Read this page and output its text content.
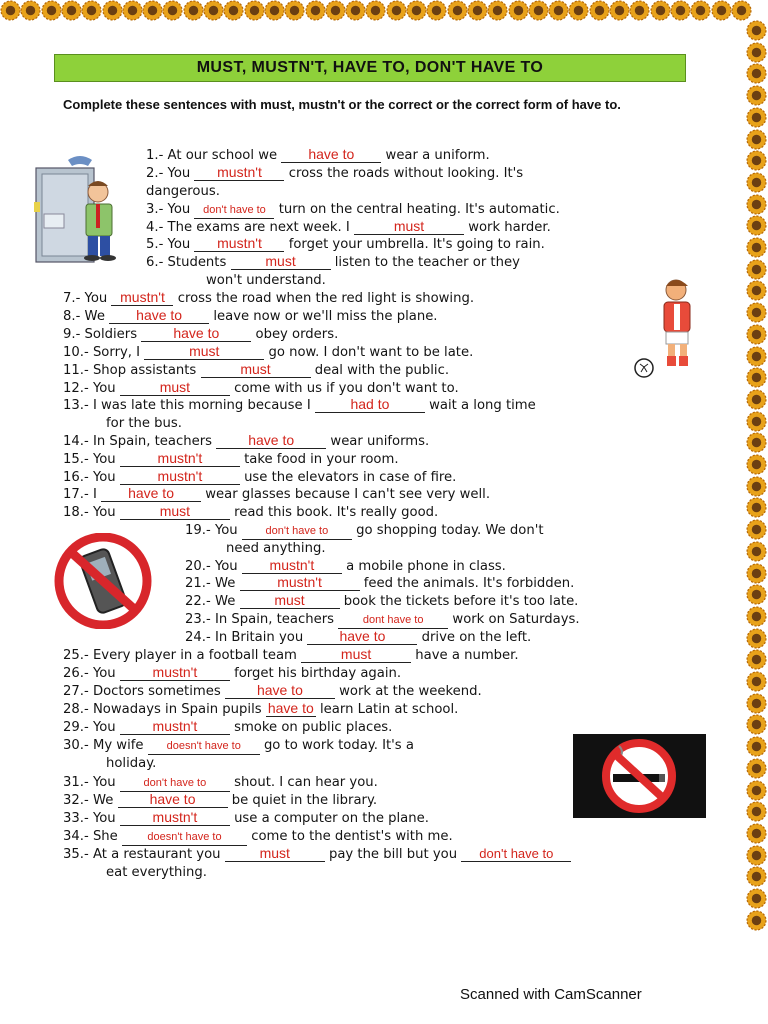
MUST, MUSTN'T, HAVE TO, DON'T HAVE TO
Complete these sentences with must, mustn't or the correct or the correct form of have to.
1.- At our school we have to wear a uniform.
2.- You mustn't cross the roads without looking. It's
dangerous.
3.- You don't have to turn on the central heating. It's automatic.
4.- The exams are next week. I	must	work harder.
5.- You mustn't forget your umbrella. It's going to rain.
6.- Students	must	listen to the teacher or they
won't understand.
7.- You mustn't cross the road when the red light is showing.
8.- We have to leave now or we'll miss the plane.
9.- Soldiers	have to	obey orders.
10.- Sorry, I	must	go now. I don't want to be late.
11.- Shop assistants	must	deal with the public.
12.- You	must	come with us if you don't want to.
13.- I was late this morning because I	had to	wait a long time
for the bus.
14.- In Spain, teachers	have to	wear uniforms.
15.- You	mustn't	take food in your room.
16.- You	mustn't	use the elevators in case of fire.
17.- I have to wear glasses because I can't see very well.
18.- You	must	read this book. It's really good.
19.- You	don't have to go shopping today. We don't
need anything.
20.- You mustn't a mobile phone in class.
21.- We	mustn't	feed the animals. It's forbidden.
22.- We	must	book the tickets before it's too late.
23.- In Spain, teachers	dont have to work on Saturdays.
24.- In Britain you	have to	drive on the left.
25.- Every player in a football team	must	have a number.
26.- You	mustn't	forget his birthday again.
27.- Doctors sometimes	have to	work at the weekend.
28.- Nowadays in Spain pupils have to learn Latin at school.
29.- You	mustn't	smoke on public places.
30.- My wife doesn't have to go to work today. It's a
holiday.
31.- You	don't have to shout. I can hear you.
32.- We	have to	be quiet in the library.
33.- You	mustn't	use a computer on the plane.
34.- She	doesn't have to come to the dentist's with me.
35.- At a restaurant you	must	pay the bill but you don't have to
eat everything.
Scanned with CamScanner
